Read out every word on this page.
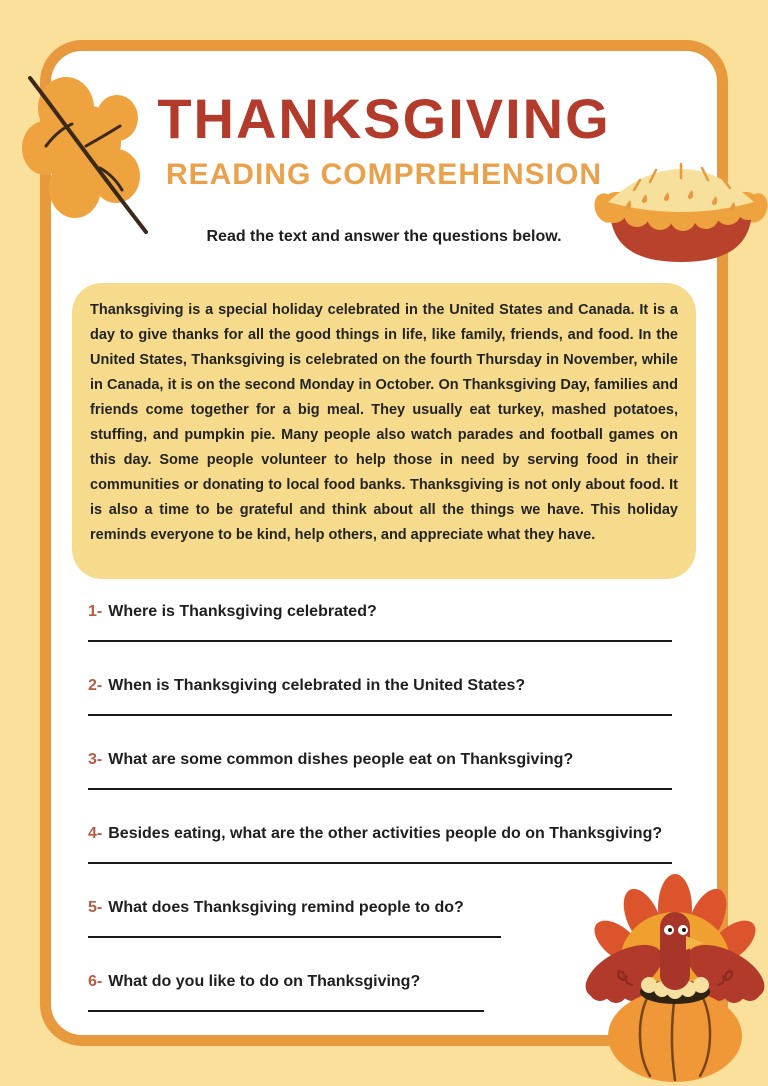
THANKSGIVING
READING COMPREHENSION

Read the text and answer the questions below.

Thanksgiving is a special holiday celebrated in the United States and Canada. It is a day to give thanks for all the good things in life, like family, friends, and food. In the United States, Thanksgiving is celebrated on the fourth Thursday in November, while in Canada, it is on the second Monday in October. On Thanksgiving Day, families and friends come together for a big meal. They usually eat turkey, mashed potatoes, stuffing, and pumpkin pie. Many people also watch parades and football games on this day. Some people volunteer to help those in need by serving food in their communities or donating to local food banks. Thanksgiving is not only about food. It is also a time to be grateful and think about all the things we have. This holiday reminds everyone to be kind, help others, and appreciate what they have.

1- Where is Thanksgiving celebrated?

2- When is Thanksgiving celebrated in the United States?

3- What are some common dishes people eat on Thanksgiving?

4- Besides eating, what are the other activities people do on Thanksgiving?

5- What does Thanksgiving remind people to do?

6- What do you like to do on Thanksgiving?
